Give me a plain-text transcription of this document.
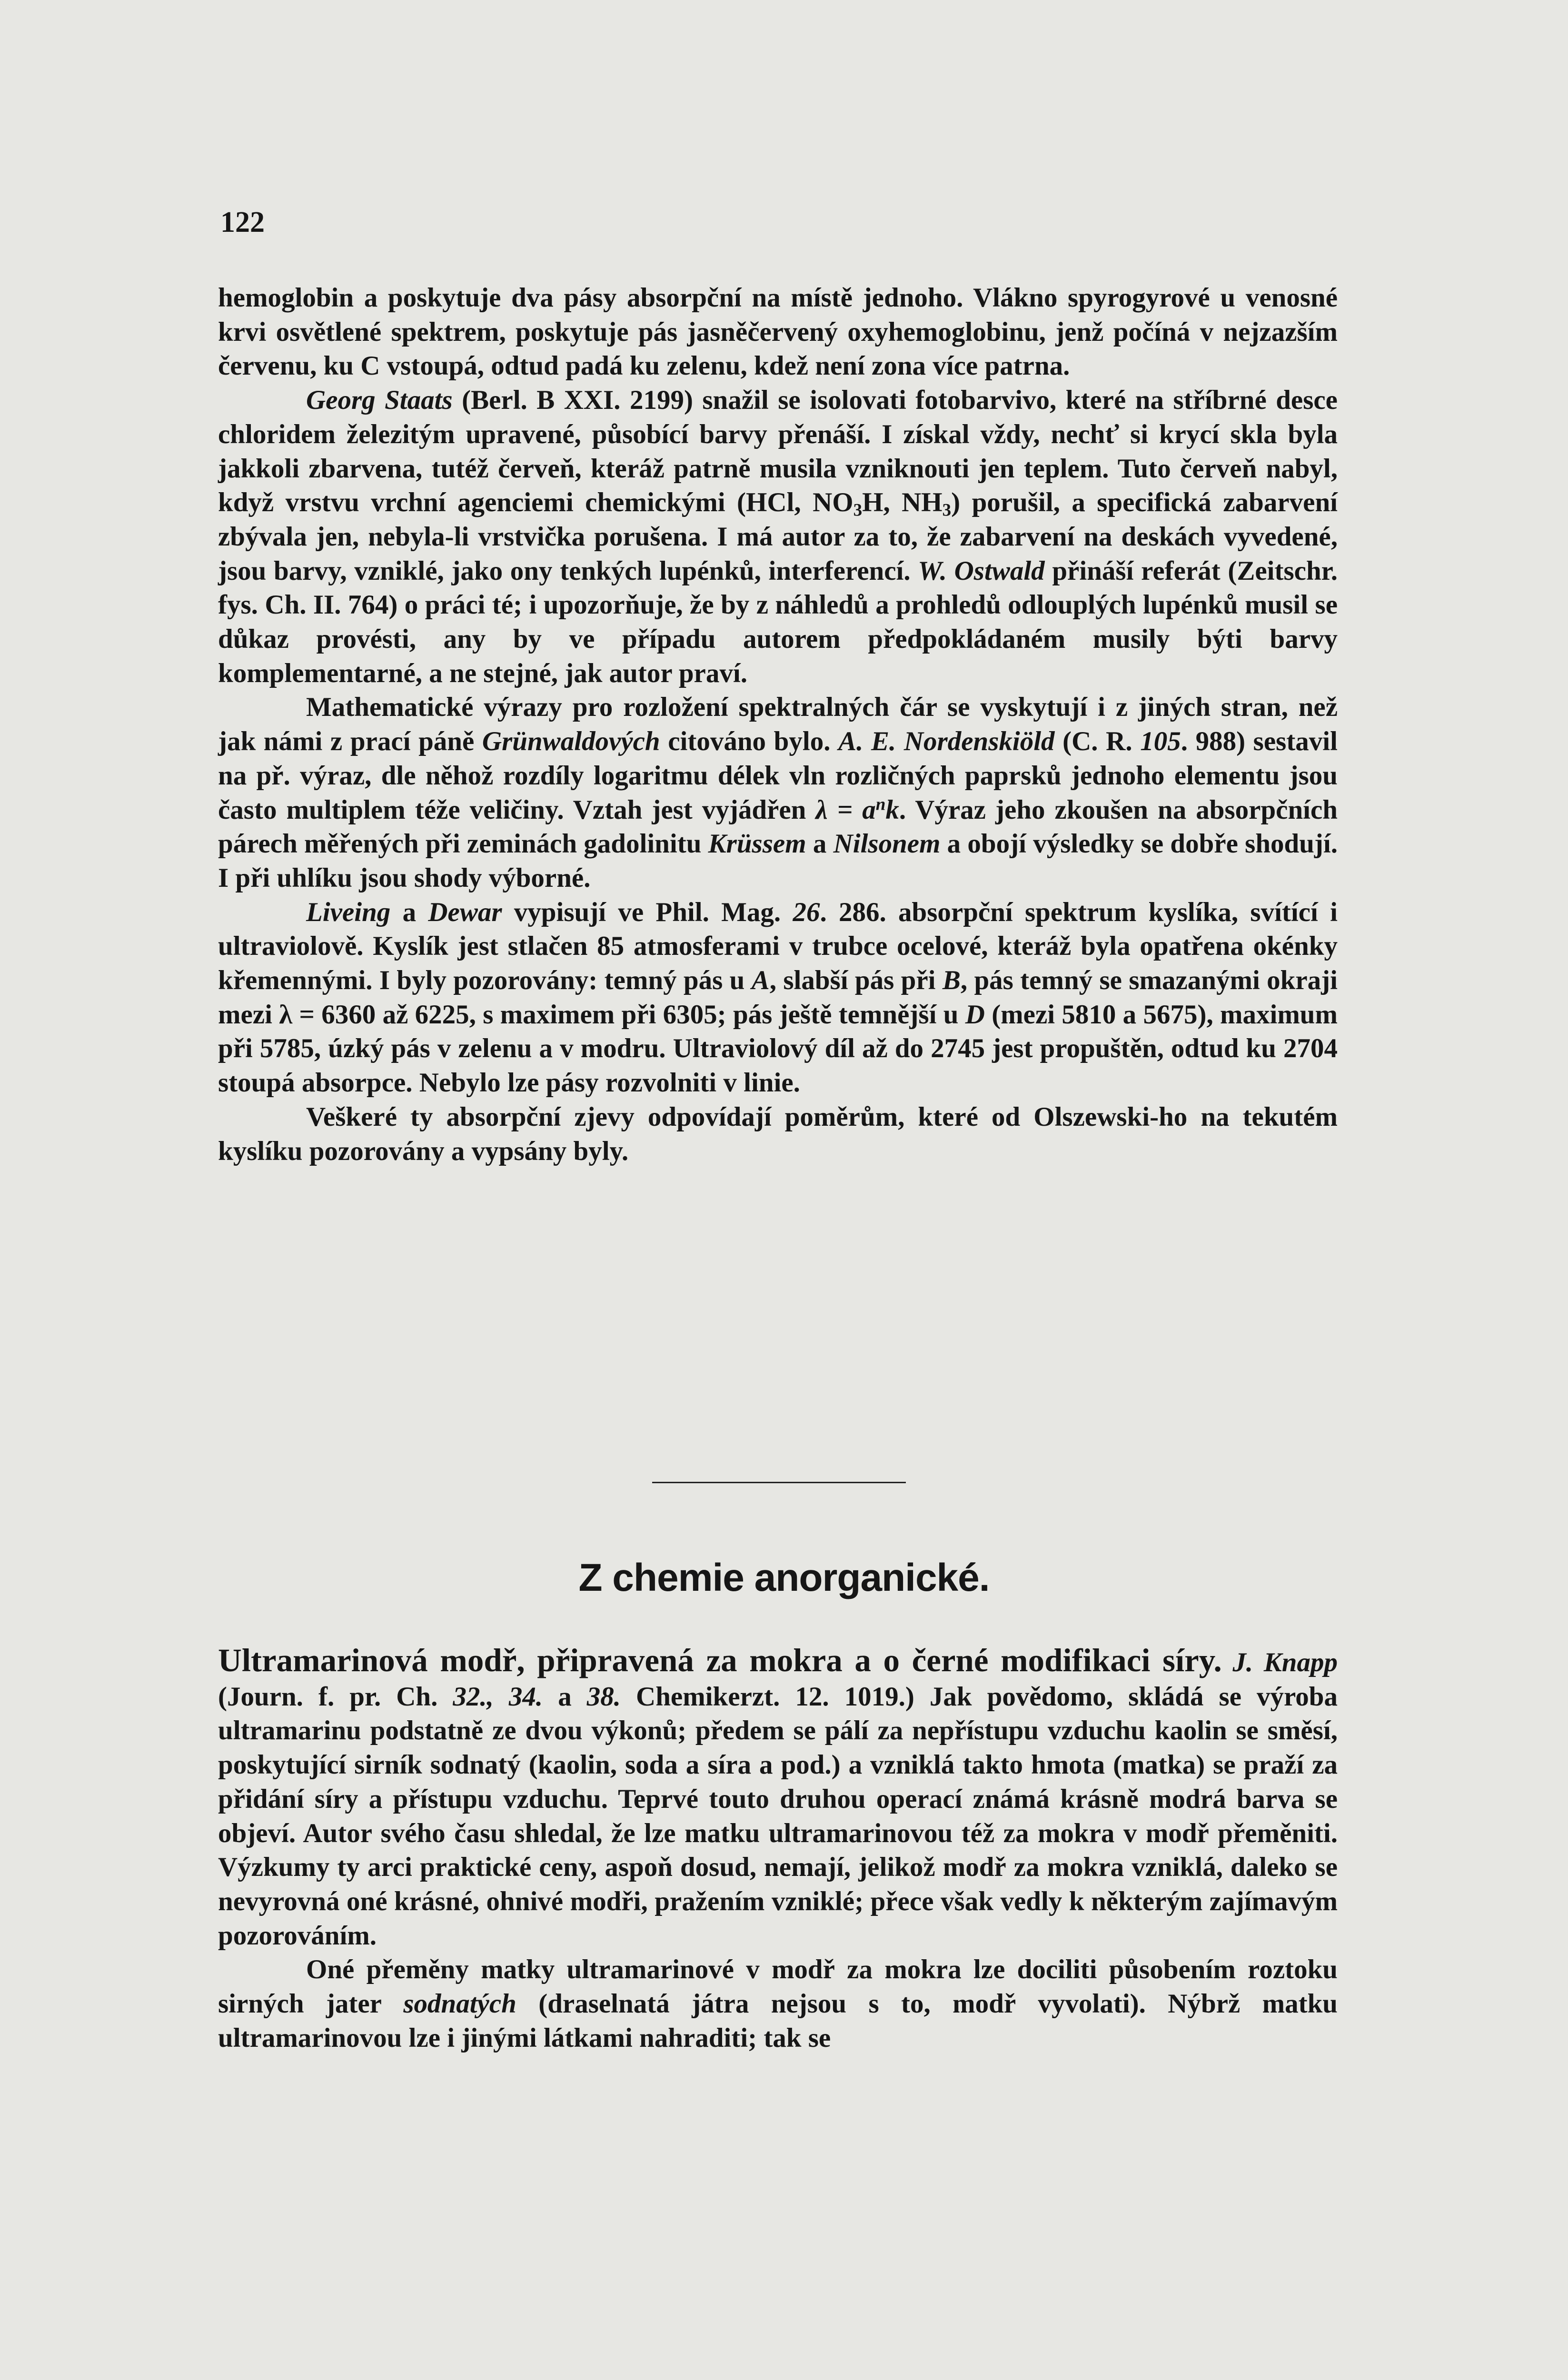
122

hemoglobin a poskytuje dva pásy absorpční na místě jednoho. Vlákno spyrogyrové u venosné krvi osvětlené spektrem, poskytuje pás jasněčervený oxyhemoglobinu, jenž počíná v nejzazším červenu, ku C vstoupá, odtud padá ku zelenu, kdež není zona více patrna.

Georg Staats (Berl. B XXI. 2199) snažil se isolovati fotobarvivo, které na stříbrné desce chloridem železitým upravené, působící barvy přenáší. I získal vždy, nechť si krycí skla byla jakkoli zbarvena, tutéž červeň, kteráž patrně musila vzniknouti jen teplem. Tuto červeň nabyl, když vrstvu vrchní agenciemi chemickými (HCl, $NO_3H$, $NH_3$) porušil, a specifická zabarvení zbývala jen, nebyla-li vrstvička porušena. I má autor za to, že zabarvení na deskách vyvedené, jsou barvy, vzniklé, jako ony tenkých lupénků, interferencí. W. Ostwald přináší referát (Zeitschr. fys. Ch. II. 764) o práci té; i upozorňuje, že by z náhledů a prohledů odlouplých lupénků musil se důkaz provésti, any by ve případu autorem předpokládaném musily býti barvy komplementarné, a ne stejné, jak autor praví.

Mathematické výrazy pro rozložení spektralných čár se vyskytují i z jiných stran, než jak námi z prací páně Grünwaldových citováno bylo. A. E. Nordenskiöld (C. R. 105. 988) sestavil na př. výraz, dle něhož rozdíly logaritmu délek vln rozličných paprsků jednoho elementu jsou často multiplem téže veličiny. Vztah jest vyjádřen $\lambda = a^nk$. Výraz jeho zkoušen na absorpčních párech měřených při zeminách gadolinitu Krüssem a Nilsonem a obojí výsledky se dobře shodují. I při uhlíku jsou shody výborné.

Liveing a Dewar vypisují ve Phil. Mag. 26. 286. absorpční spektrum kyslíka, svítící i ultraviolově. Kyslík jest stlačen 85 atmosferami v trubce ocelové, kteráž byla opatřena okénky křemennými. I byly pozorovány: temný pás u A, slabší pás při B, pás temný se smazanými okraji mezi λ = 6360 až 6225, s maximem při 6305; pás ještě temnější u D (mezi 5810 a 5675), maximum při 5785, úzký pás v zelenu a v modru. Ultraviolový díl až do 2745 jest propuštěn, odtud ku 2704 stoupá absorpce. Nebylo lze pásy rozvolniti v linie.

Veškeré ty absorpční zjevy odpovídají poměrům, které od Olszewski-ho na tekutém kyslíku pozorovány a vypsány byly.

Z chemie anorganické.

Ultramarinová modř, připravená za mokra a o černé modifikaci síry. J. Knapp (Journ. f. pr. Ch. 32., 34. a 38. Chemikerzt. 12. 1019.) Jak povědomo, skládá se výroba ultramarinu podstatně ze dvou výkonů; předem se pálí za nepřístupu vzduchu kaolin se směsí, poskytující sirník sodnatý (kaolin, soda a síra a pod.) a vzniklá takto hmota (matka) se praží za přidání síry a přístupu vzduchu. Teprvé touto druhou operací známá krásně modrá barva se objeví. Autor svého času shledal, že lze matku ultramarinovou též za mokra v modř přeměniti. Výzkumy ty arci praktické ceny, aspoň dosud, nemají, jelikož modř za mokra vzniklá, daleko se nevyrovná oné krásné, ohnivé modři, pražením vzniklé; přece však vedly k některým zajímavým pozorováním.

Oné přeměny matky ultramarinové v modř za mokra lze dociliti působením roztoku sirných jater sodnatých (draselnatá játra nejsou s to, modř vyvolati). Nýbrž matku ultramarinovou lze i jinými látkami nahraditi; tak se
